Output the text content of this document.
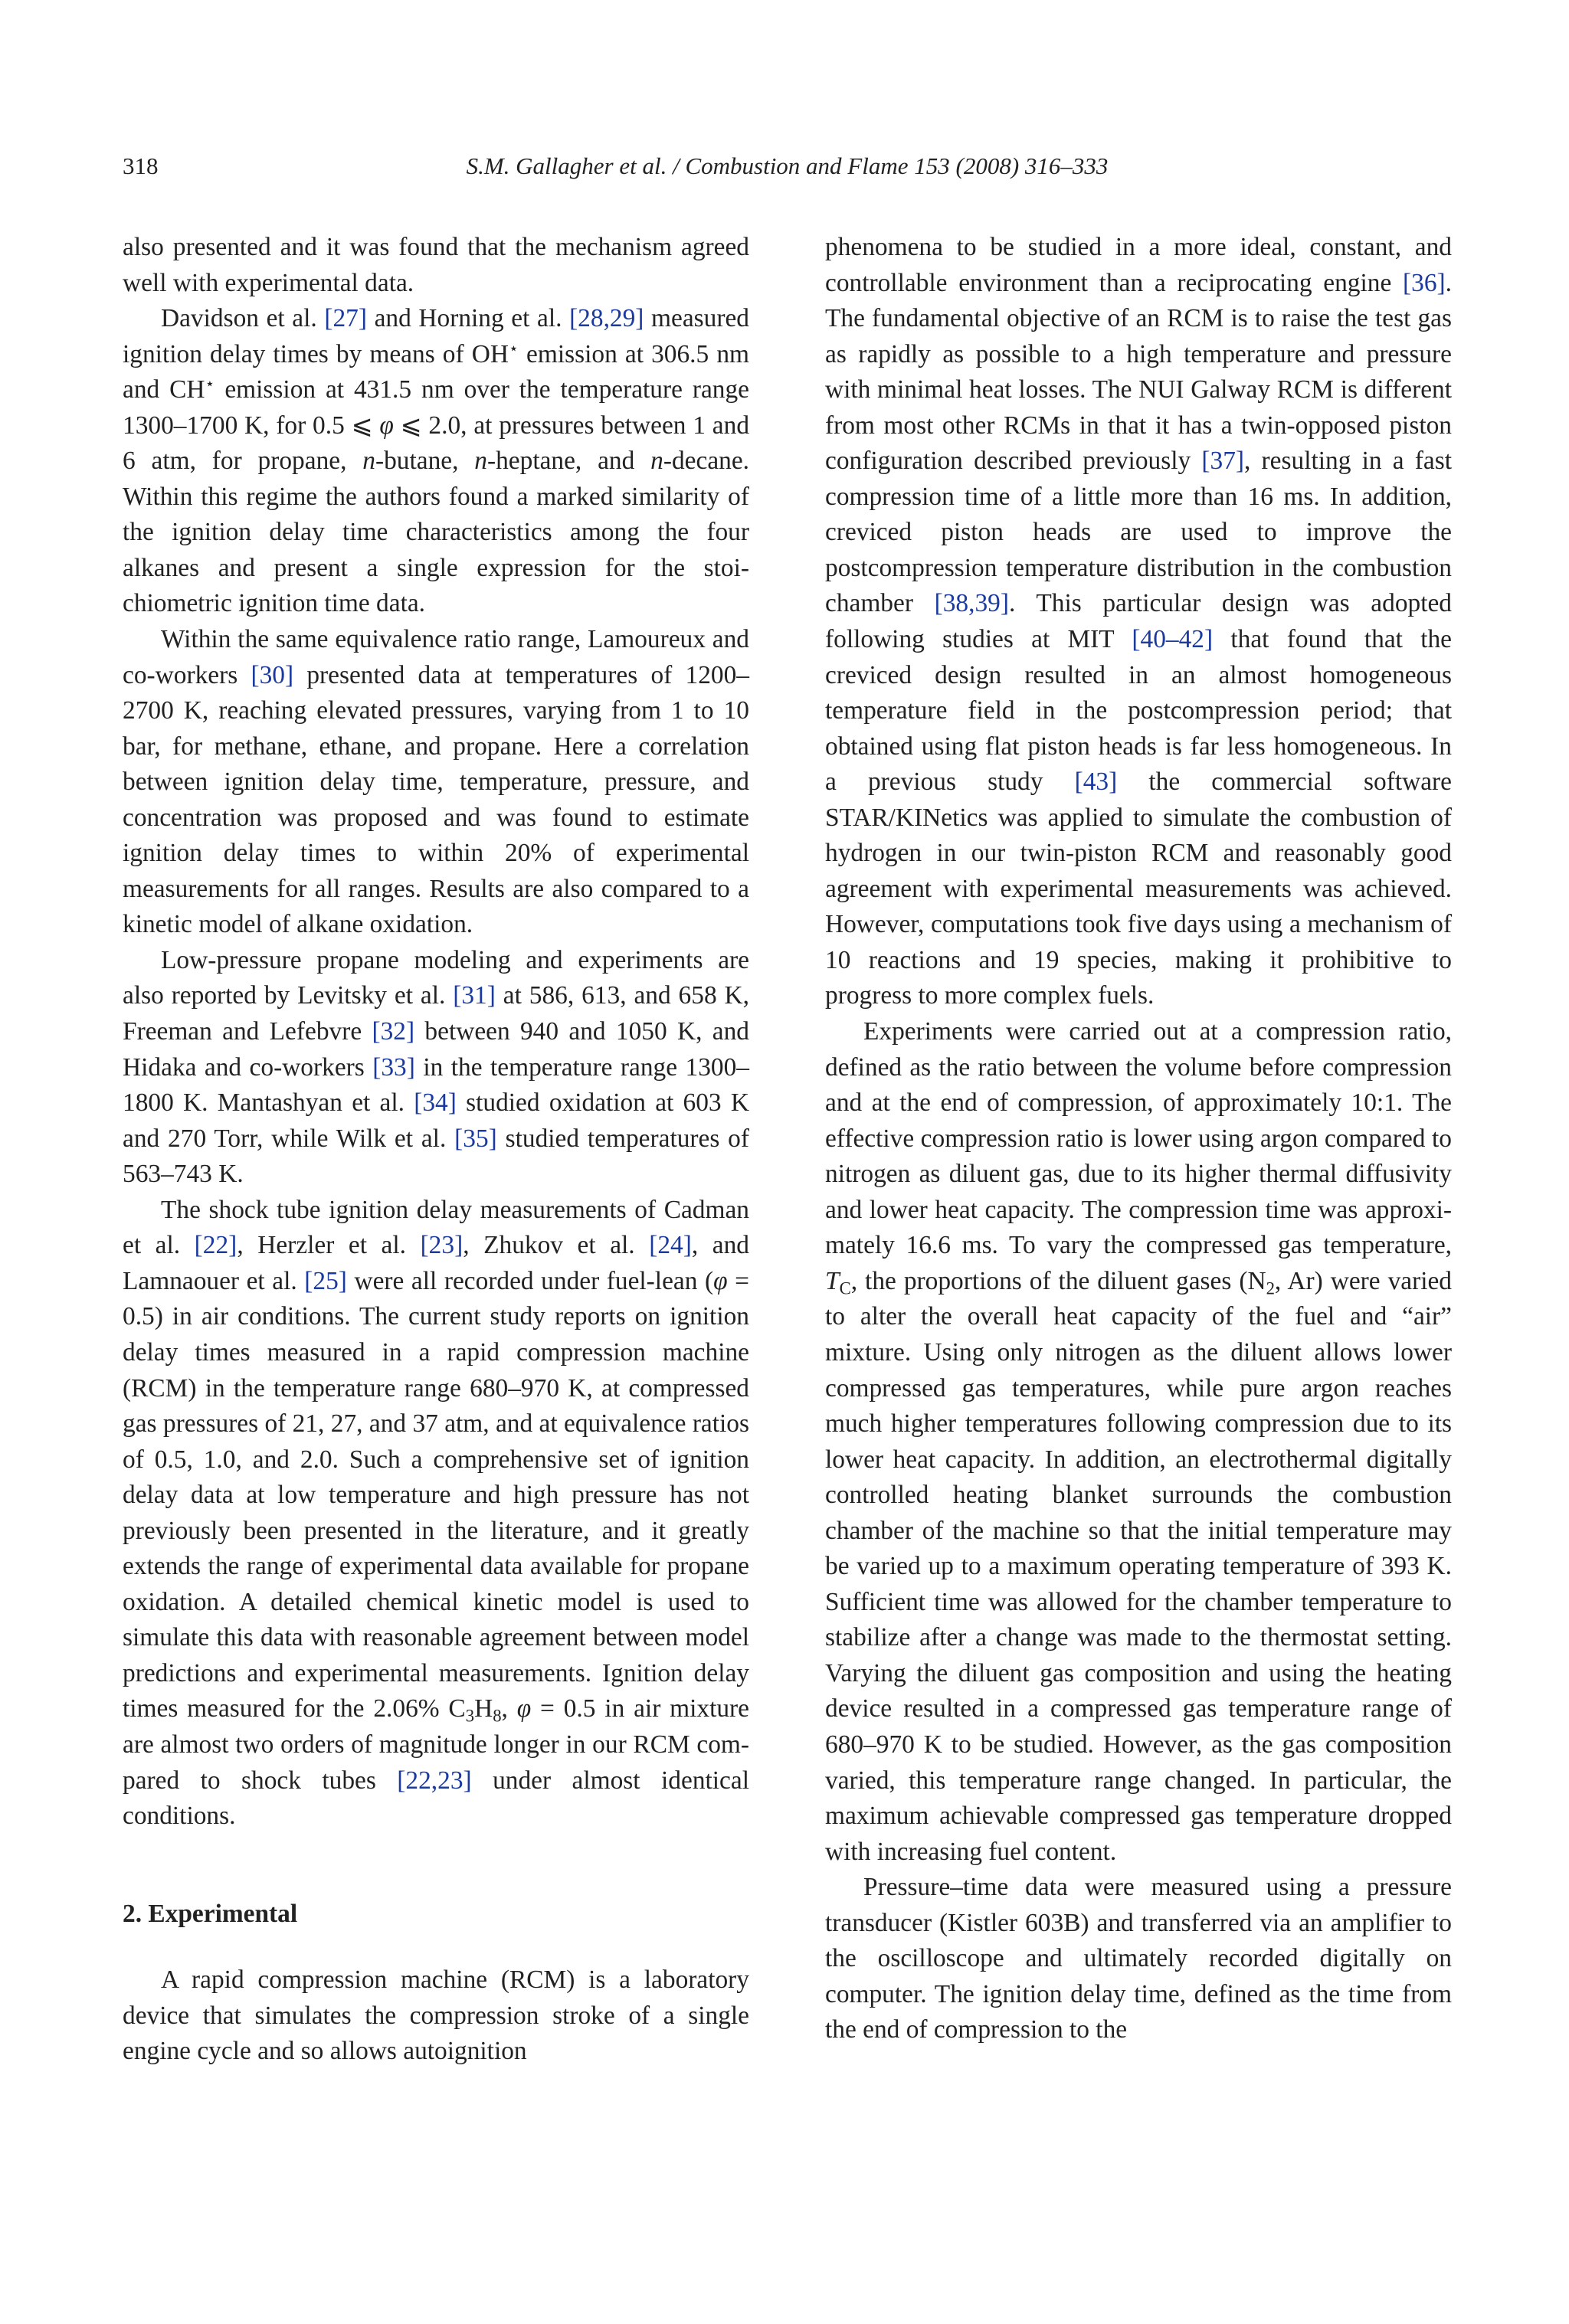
318	S.M. Gallagher et al. / Combustion and Flame 153 (2008) 316–333

also presented and it was found that the mechanism agreed well with experimental data.

Davidson et al. [27] and Horning et al. [28,29] measured ignition delay times by means of OH⋆ emission at 306.5 nm and CH⋆ emission at 431.5 nm over the temperature range 1300–1700 K, for 0.5 ⩽ φ ⩽ 2.0, at pressures between 1 and 6 atm, for propane, n-butane, n-heptane, and n-decane. Within this regime the authors found a marked similarity of the ignition delay time characteristics among the four alkanes and present a single expression for the stoichiometric ignition time data.

Within the same equivalence ratio range, Lamoureux and co-workers [30] presented data at temperatures of 1200–2700 K, reaching elevated pressures, varying from 1 to 10 bar, for methane, ethane, and propane. Here a correlation between ignition delay time, temperature, pressure, and concentration was proposed and was found to estimate ignition delay times to within 20% of experimental measurements for all ranges. Results are also compared to a kinetic model of alkane oxidation.

Low-pressure propane modeling and experiments are also reported by Levitsky et al. [31] at 586, 613, and 658 K, Freeman and Lefebvre [32] between 940 and 1050 K, and Hidaka and co-workers [33] in the temperature range 1300–1800 K. Mantashyan et al. [34] studied oxidation at 603 K and 270 Torr, while Wilk et al. [35] studied temperatures of 563–743 K.

The shock tube ignition delay measurements of Cadman et al. [22], Herzler et al. [23], Zhukov et al. [24], and Lamnaouer et al. [25] were all recorded under fuel-lean (φ = 0.5) in air conditions. The current study reports on ignition delay times measured in a rapid compression machine (RCM) in the temperature range 680–970 K, at compressed gas pressures of 21, 27, and 37 atm, and at equivalence ratios of 0.5, 1.0, and 2.0. Such a comprehensive set of ignition delay data at low temperature and high pressure has not previously been presented in the literature, and it greatly extends the range of experimental data available for propane oxidation. A detailed chemical kinetic model is used to simulate this data with reasonable agreement between model predictions and experimental measurements. Ignition delay times measured for the 2.06% $C_3H_8$, φ = 0.5 in air mixture are almost two orders of magnitude longer in our RCM compared to shock tubes [22,23] under almost identical conditions.

2. Experimental

A rapid compression machine (RCM) is a laboratory device that simulates the compression stroke of a single engine cycle and so allows autoignition

phenomena to be studied in a more ideal, constant, and controllable environment than a reciprocating engine [36]. The fundamental objective of an RCM is to raise the test gas as rapidly as possible to a high temperature and pressure with minimal heat losses. The NUI Galway RCM is different from most other RCMs in that it has a twin-opposed piston configuration described previously [37], resulting in a fast compression time of a little more than 16 ms. In addition, creviced piston heads are used to improve the postcompression temperature distribution in the combustion chamber [38,39]. This particular design was adopted following studies at MIT [40–42] that found that the creviced design resulted in an almost homogeneous temperature field in the postcompression period; that obtained using flat piston heads is far less homogeneous. In a previous study [43] the commercial software STAR/KINetics was applied to simulate the combustion of hydrogen in our twin-piston RCM and reasonably good agreement with experimental measurements was achieved. However, computations took five days using a mechanism of 10 reactions and 19 species, making it prohibitive to progress to more complex fuels.

Experiments were carried out at a compression ratio, defined as the ratio between the volume before compression and at the end of compression, of approximately 10:1. The effective compression ratio is lower using argon compared to nitrogen as diluent gas, due to its higher thermal diffusivity and lower heat capacity. The compression time was approximately 16.6 ms. To vary the compressed gas temperature, $T_C$, the proportions of the diluent gases ($N_2$, Ar) were varied to alter the overall heat capacity of the fuel and “air” mixture. Using only nitrogen as the diluent allows lower compressed gas temperatures, while pure argon reaches much higher temperatures following compression due to its lower heat capacity. In addition, an electrothermal digitally controlled heating blanket surrounds the combustion chamber of the machine so that the initial temperature may be varied up to a maximum operating temperature of 393 K. Sufficient time was allowed for the chamber temperature to stabilize after a change was made to the thermostat setting. Varying the diluent gas composition and using the heating device resulted in a compressed gas temperature range of 680–970 K to be studied. However, as the gas composition varied, this temperature range changed. In particular, the maximum achievable compressed gas temperature dropped with increasing fuel content.

Pressure–time data were measured using a pressure transducer (Kistler 603B) and transferred via an amplifier to the oscilloscope and ultimately recorded digitally on computer. The ignition delay time, defined as the time from the end of compression to the
